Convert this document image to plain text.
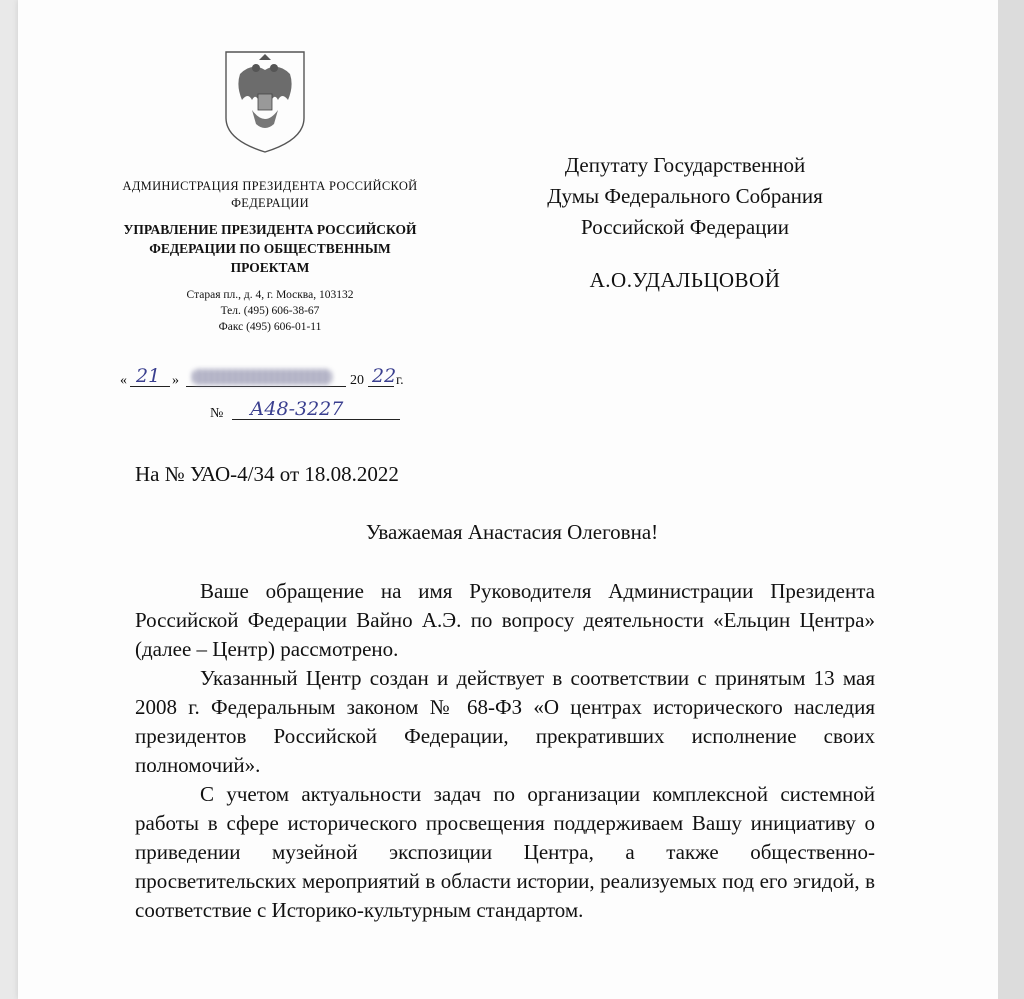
АДМИНИСТРАЦИЯ ПРЕЗИДЕНТА РОССИЙСКОЙ ФЕДЕРАЦИИ
УПРАВЛЕНИЕ ПРЕЗИДЕНТА РОССИЙСКОЙ ФЕДЕРАЦИИ ПО ОБЩЕСТВЕННЫМ ПРОЕКТАМ
Старая пл., д. 4, г. Москва, 103132
Тел. (495) 606-38-67
Факс (495) 606-01-11
Депутату Государственной Думы Федерального Собрания Российской Федерации
А.О.УДАЛЬЦОВОЙ
« 21 »	20 22 г.
№ А48-3227
На № УАО-4/34 от 18.08.2022
Уважаемая Анастасия Олеговна!

Ваше обращение на имя Руководителя Администрации Президента Российской Федерации Вайно А.Э. по вопросу деятельности «Ельцин Центра» (далее – Центр) рассмотрено.

Указанный Центр создан и действует в соответствии с принятым 13 мая 2008 г. Федеральным законом № 68-ФЗ «О центрах исторического наследия президентов Российской Федерации, прекративших исполнение своих полномочий».

С учетом актуальности задач по организации комплексной системной работы в сфере исторического просвещения поддерживаем Вашу инициативу о приведении музейной экспозиции Центра, а также общественно-просветительских мероприятий в области истории, реализуемых под его эгидой, в соответствие с Историко-культурным стандартом.
